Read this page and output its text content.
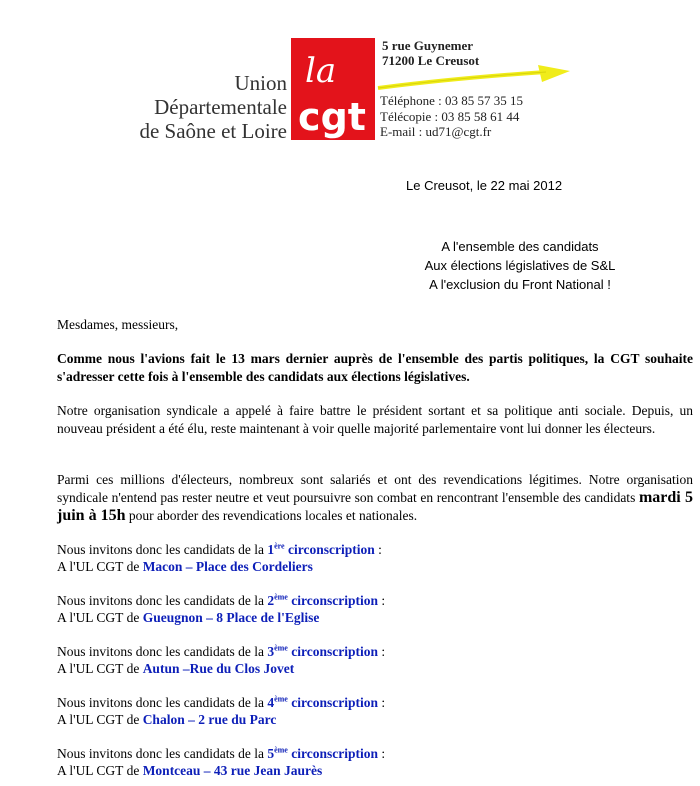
Union
Départementale
de Saône et Loire
la
cgt
5 rue Guynemer
71200 Le Creusot
Téléphone : 03 85 57 35 15
Télécopie : 03 85 58 61 44
E-mail : ud71@cgt.fr
Le Creusot, le 22 mai 2012
A l'ensemble des candidats
Aux élections législatives de S&L
A l'exclusion du Front National !
Mesdames, messieurs,
Comme nous l'avions fait le 13 mars dernier auprès de l'ensemble des partis politiques, la CGT souhaite s'adresser cette fois à l'ensemble des candidats aux élections législatives.
Notre organisation syndicale a appelé à faire battre le président sortant et sa politique anti sociale. Depuis, un nouveau président a été élu, reste maintenant à voir quelle majorité parlementaire vont lui donner les électeurs.
Parmi ces millions d'électeurs, nombreux sont salariés et ont des revendications légitimes. Notre organisation syndicale n'entend pas rester neutre et veut poursuivre son combat en rencontrant l'ensemble des candidats mardi 5 juin à 15h pour aborder des revendications locales et nationales.
Nous invitons donc les candidats de la 1ère circonscription :
A l'UL CGT de Macon – Place des Cordeliers
Nous invitons donc les candidats de la 2ème circonscription :
A l'UL CGT de Gueugnon – 8 Place de l'Eglise
Nous invitons donc les candidats de la 3ème circonscription :
A l'UL CGT de Autun –Rue du Clos Jovet
Nous invitons donc les candidats de la 4ème circonscription :
A l'UL CGT de Chalon – 2 rue du Parc
Nous invitons donc les candidats de la 5ème circonscription :
A l'UL CGT de Montceau – 43 rue Jean Jaurès
